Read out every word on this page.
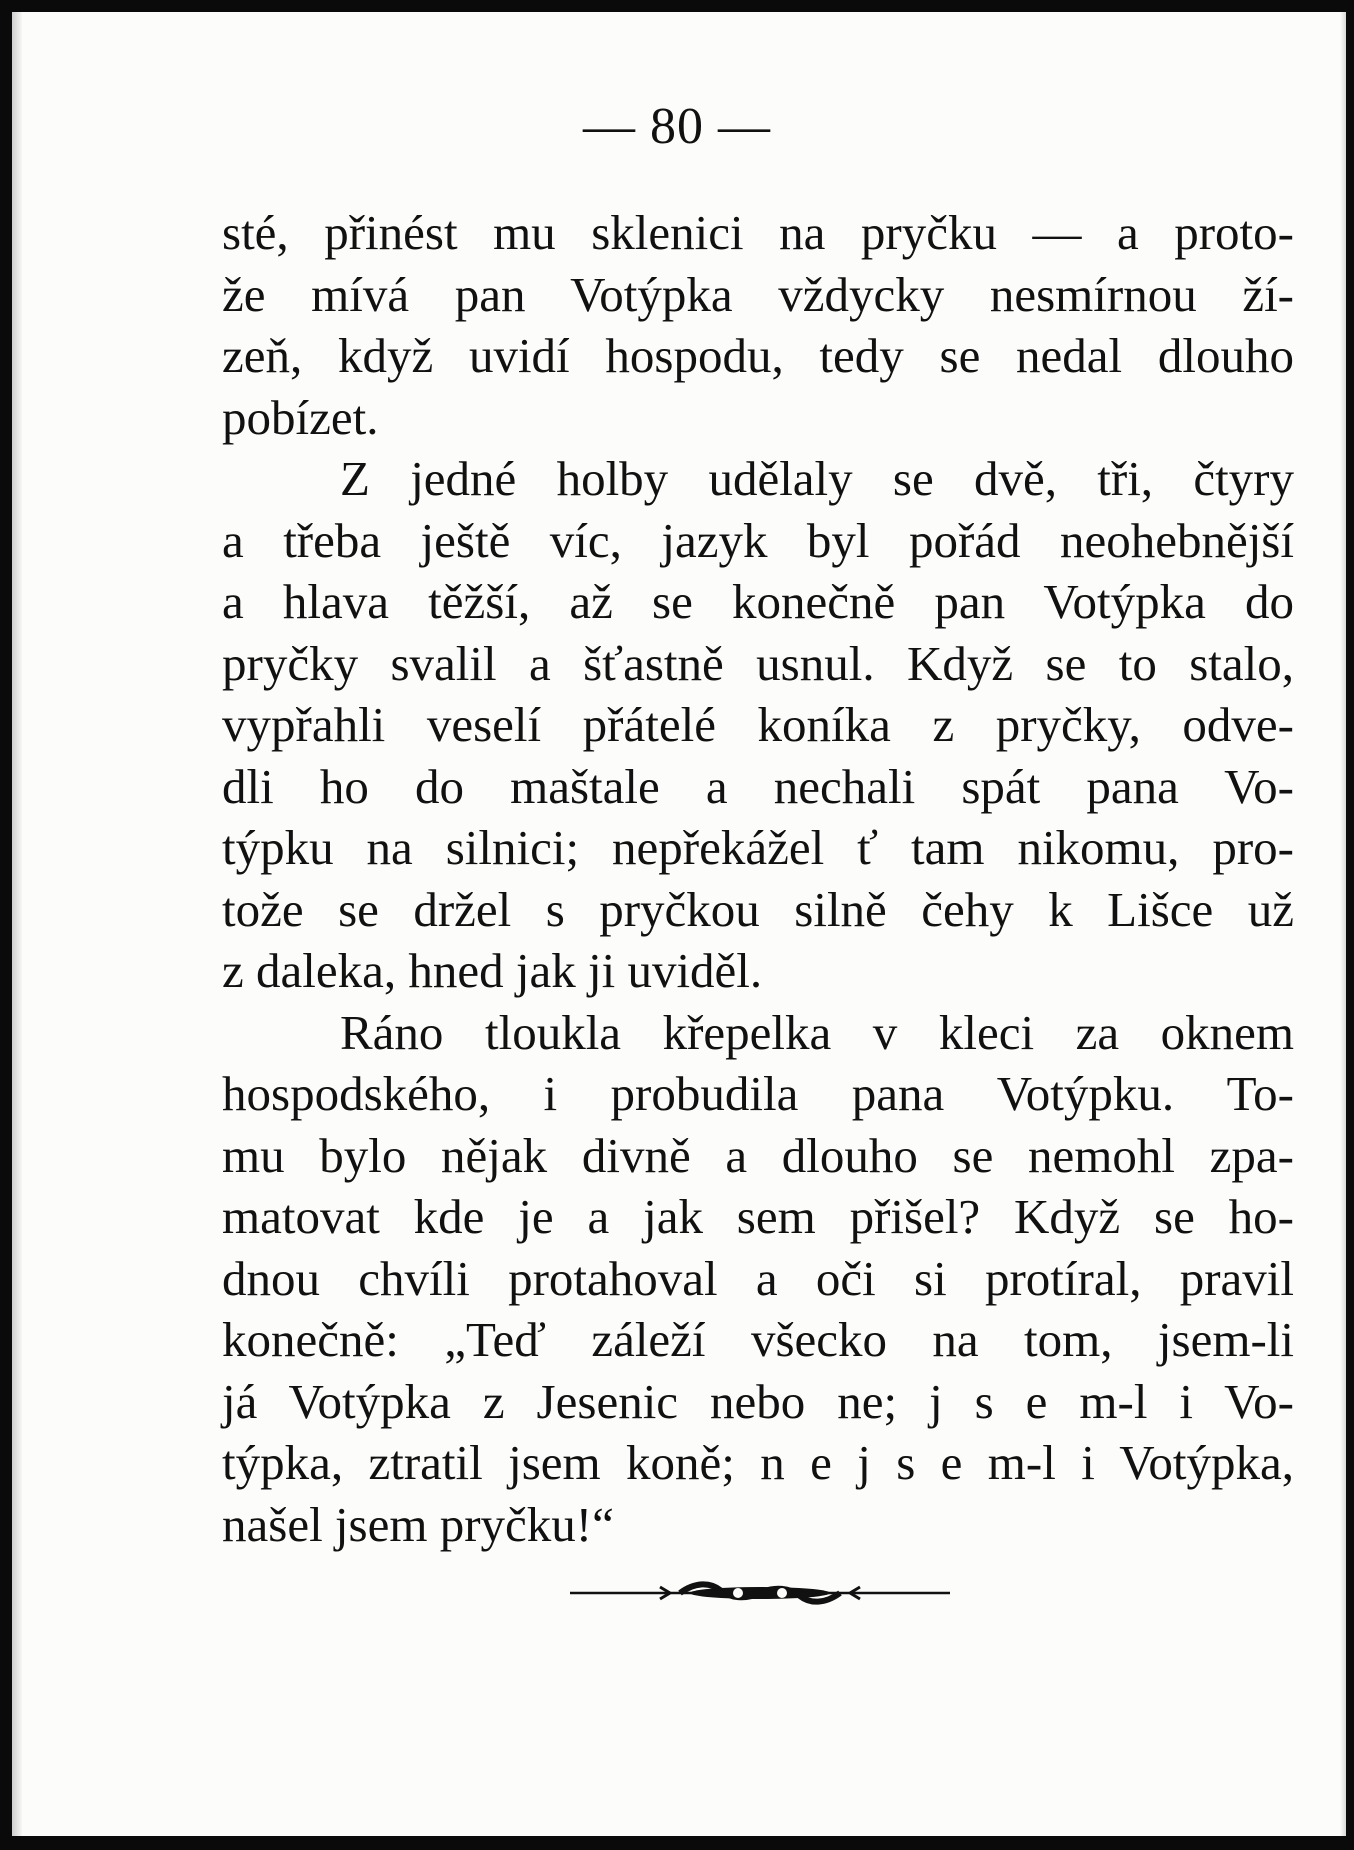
— 80 —
sté, přinést mu sklenici na pryčku — a proto-
že mívá pan Votýpka vždycky nesmírnou ží-
zeň, když uvidí hospodu, tedy se nedal dlouho
pobízet.
Z jedné holby udělaly se dvě, tři, čtyry
a třeba ještě víc, jazyk byl pořád neohebnější
a hlava těžší, až se konečně pan Votýpka do
pryčky svalil a šťastně usnul. Když se to stalo,
vypřahli veselí přátelé koníka z pryčky, odve-
dli ho do maštale a nechali spát pana Vo-
týpku na silnici; nepřekážel ť tam nikomu, pro-
tože se držel s pryčkou silně čehy k Lišce už
z daleka, hned jak ji uviděl.
Ráno tloukla křepelka v kleci za oknem
hospodského, i probudila pana Votýpku. To-
mu bylo nějak divně a dlouho se nemohl zpa-
matovat kde je a jak sem přišel? Když se ho-
dnou chvíli protahoval a oči si protíral, pravil
konečně: „Teď záleží všecko na tom, jsem-li
já Votýpka z Jesenic nebo ne; j s e m-l i Vo-
týpka, ztratil jsem koně; n e j s e m-l i Votýpka,
našel jsem pryčku!“
